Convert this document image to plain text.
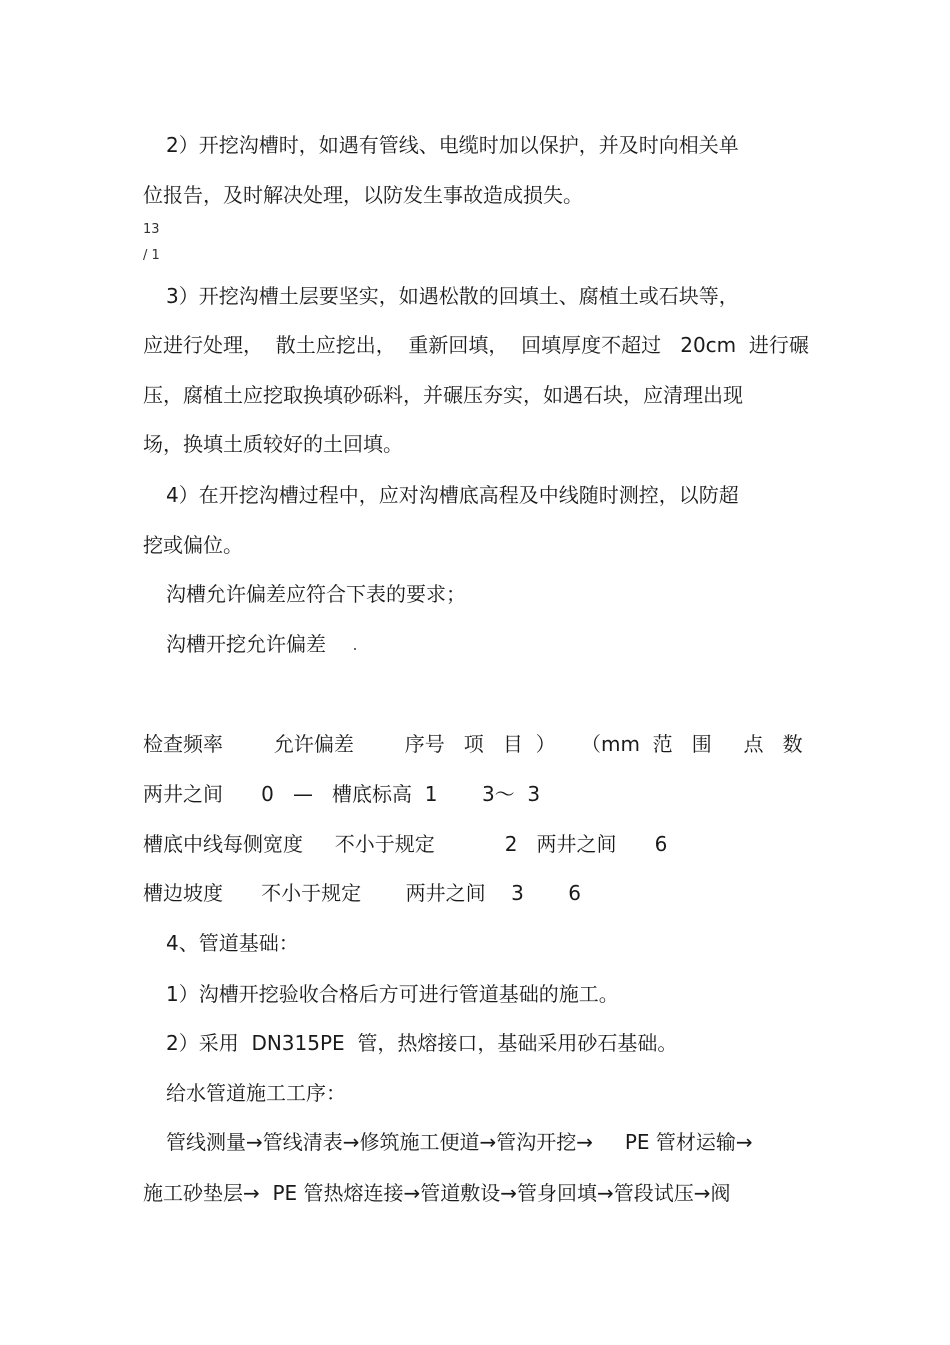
2）开挖沟槽时，如遇有管线、电缆时加以保护，并及时向相关单
位报告，及时解决处理，以防发生事故造成损失。
13
/ 1
3）开挖沟槽土层要坚实，如遇松散的回填土、腐植土或石块等，
应进行处理，  散土应挖出，  重新回填，  回填厚度不超过   20cm  进行碾
压，腐植土应挖取换填砂砾料，并碾压夯实，如遇石块，应清理出现
场，换填土质较好的土回填。
4）在开挖沟槽过程中，应对沟槽底高程及中线随时测控，以防超
挖或偏位。
沟槽允许偏差应符合下表的要求；
沟槽开挖允许偏差
检查频率        允许偏差        序号   项   目  ）    （mm  范   围     点   数
两井之间      0   —   槽底标高  1       3～  3
槽底中线每侧宽度     不小于规定           2   两井之间      6
槽边坡度      不小于规定       两井之间    3       6
4、管道基础：
1）沟槽开挖验收合格后方可进行管道基础的施工。
2）采用  DN315PE  管，热熔接口，基础采用砂石基础。
给水管道施工工序：
管线测量→管线清表→修筑施工便道→管沟开挖→     PE 管材运输→
施工砂垫层→  PE 管热熔连接→管道敷设→管身回填→管段试压→阀
